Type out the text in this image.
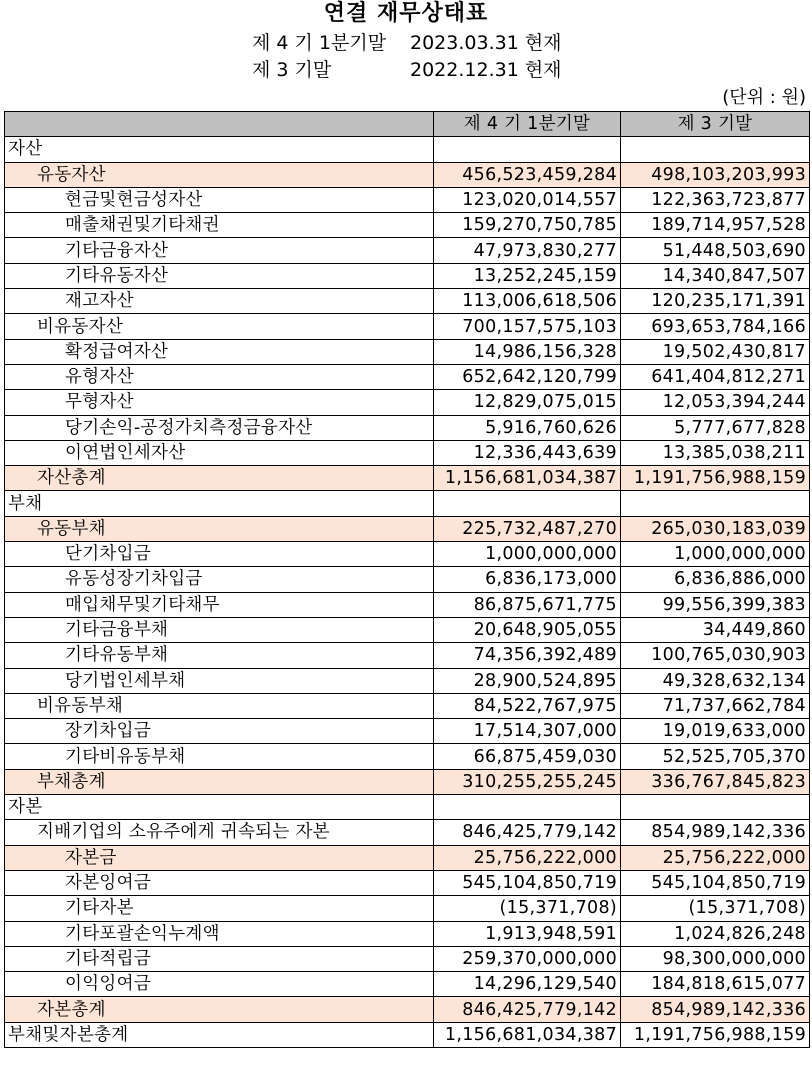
연결 재무상태표
제 4 기 1분기말 2023.03.31 현재
제 3 기말	2022.12.31 현재
(단위 : 원)
	제 4 기 1분기말	제 3 기말
자산		
유동자산	456,523,459,284	498,103,203,993
현금및현금성자산	123,020,014,557	122,363,723,877
매출채권및기타채권	159,270,750,785	189,714,957,528
기타금융자산	47,973,830,277	51,448,503,690
기타유동자산	13,252,245,159	14,340,847,507
재고자산	113,006,618,506	120,235,171,391
비유동자산	700,157,575,103	693,653,784,166
확정급여자산	14,986,156,328	19,502,430,817
유형자산	652,642,120,799	641,404,812,271
무형자산	12,829,075,015	12,053,394,244
당기손익-공정가치측정금융자산	5,916,760,626	5,777,677,828
이연법인세자산	12,336,443,639	13,385,038,211
자산총계	1,156,681,034,387	1,191,756,988,159
부채		
유동부채	225,732,487,270	265,030,183,039
단기차입금	1,000,000,000	1,000,000,000
유동성장기차입금	6,836,173,000	6,836,886,000
매입채무및기타채무	86,875,671,775	99,556,399,383
기타금융부채	20,648,905,055	34,449,860
기타유동부채	74,356,392,489	100,765,030,903
당기법인세부채	28,900,524,895	49,328,632,134
비유동부채	84,522,767,975	71,737,662,784
장기차입금	17,514,307,000	19,019,633,000
기타비유동부채	66,875,459,030	52,525,705,370
부채총계	310,255,255,245	336,767,845,823
자본		
지배기업의 소유주에게 귀속되는 자본	846,425,779,142	854,989,142,336
자본금	25,756,222,000	25,756,222,000
자본잉여금	545,104,850,719	545,104,850,719
기타자본	(15,371,708)	(15,371,708)
기타포괄손익누계액	1,913,948,591	1,024,826,248
기타적립금	259,370,000,000	98,300,000,000
이익잉여금	14,296,129,540	184,818,615,077
자본총계	846,425,779,142	854,989,142,336
부채및자본총계	1,156,681,034,387	1,191,756,988,159
